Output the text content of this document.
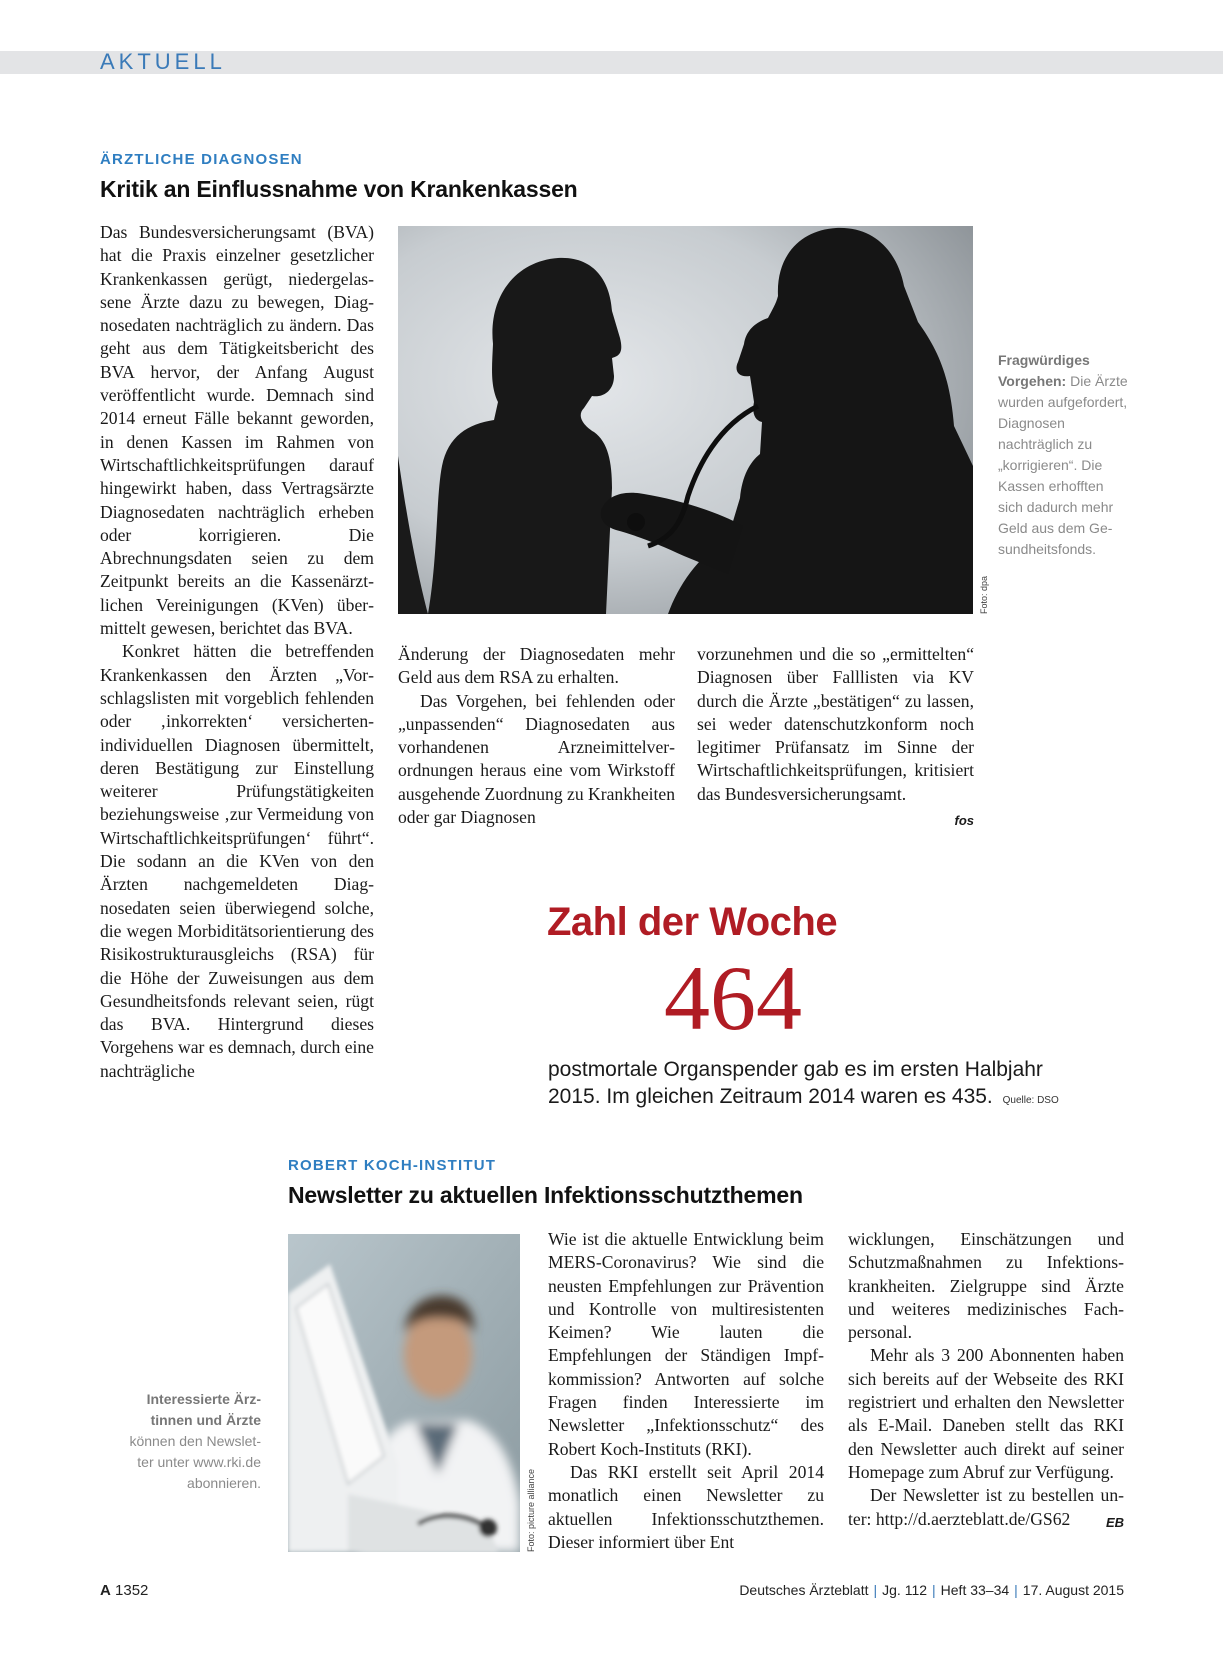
AKTUELL
ÄRZTLICHE DIAGNOSEN
Kritik an Einflussnahme von Krankenkassen

Das Bundesversicherungsamt (BVA) hat die Praxis einzelner gesetzlicher Krankenkassen gerügt, niedergelassene Ärzte dazu zu bewegen, Diagnosedaten nachträglich zu ändern. Das geht aus dem Tätigkeitsbericht des BVA hervor, der Anfang August veröffentlicht wurde. Demnach sind 2014 erneut Fälle bekannt geworden, in denen Kassen im Rahmen von Wirtschaftlichkeitsprüfungen darauf hingewirkt haben, dass Vertragsärzte Diagnosedaten nachträglich erheben oder korrigieren. Die Abrechnungsdaten seien zu dem Zeitpunkt bereits an die Kassenärztlichen Vereinigungen (KVen) übermittelt gewesen, berichtet das BVA.

Konkret hätten die betreffenden Krankenkassen den Ärzten „Vorschlagslisten mit vorgeblich fehlenden oder ‚inkorrekten‘ versichertenindividuellen Diagnosen übermittelt, deren Bestätigung zur Einstellung weiterer Prüfungstätigkeiten beziehungsweise ‚zur Vermeidung von Wirtschaftlichkeitsprüfungen‘ führt“. Die sodann an die KVen von den Ärzten nachgemeldeten Diagnosedaten seien überwiegend solche, die wegen Morbiditätsorientierung des Risikostrukturausgleichs (RSA) für die Höhe der Zuweisungen aus dem Gesundheitsfonds relevant seien, rügt das BVA. Hintergrund dieses Vorgehens war es demnach, durch eine nachträgliche

Foto: dpa
Fragwürdiges Vorgehen: Die Ärzte wurden aufgefordert, Diagnosen nachträglich zu „korrigieren“. Die Kassen erhofften sich dadurch mehr Geld aus dem Gesundheitsfonds.

Änderung der Diagnosedaten mehr Geld aus dem RSA zu erhalten.

Das Vorgehen, bei fehlenden oder „unpassenden“ Diagnosedaten aus vorhandenen Arzneimittelverordnungen heraus eine vom Wirkstoff ausgehende Zuordnung zu Krankheiten oder gar Diagnosen

vorzunehmen und die so „ermittelten“ Diagnosen über Falllisten via KV durch die Ärzte „bestätigen“ zu lassen, sei weder datenschutzkonform noch legitimer Prüfansatz im Sinne der Wirtschaftlichkeitsprüfungen, kritisiert das Bundesversicherungsamt.

fos
Zahl der Woche
464
postmortale Organspender gab es im ersten Halbjahr 2015. Im gleichen Zeitraum 2014 waren es 435. Quelle: DSO
ROBERT KOCH-INSTITUT
Newsletter zu aktuellen Infektionsschutzthemen
Interessierte Ärztinnen und Ärzte können den Newsletter unter www.rki.de abonnieren.	Foto: picture alliance

Wie ist die aktuelle Entwicklung beim MERS-Coronavirus? Wie sind die neusten Empfehlungen zur Prävention und Kontrolle von multiresistenten Keimen? Wie lauten die Empfehlungen der Ständigen Impfkommission? Antworten auf solche Fragen finden Interessierte im Newsletter „Infektionsschutz“ des Robert Koch-Instituts (RKI).

Das RKI erstellt seit April 2014 monatlich einen Newsletter zu aktuellen Infektionsschutzthemen. Dieser informiert über Ent

wicklungen, Einschätzungen und Schutzmaßnahmen zu Infektionskrankheiten. Zielgruppe sind Ärzte und weiteres medizinisches Fachpersonal.

Mehr als 3 200 Abonnenten haben sich bereits auf der Webseite des RKI registriert und erhalten den Newsletter als E-Mail. Daneben stellt das RKI den Newsletter auch direkt auf seiner Homepage zum Abruf zur Verfügung.

Der Newsletter ist zu bestellen unter: http://d.aerzteblatt.de/GS62	EB

A 1352	Deutsches Ärzteblatt | Jg. 112 | Heft 33–34 | 17. August 2015
